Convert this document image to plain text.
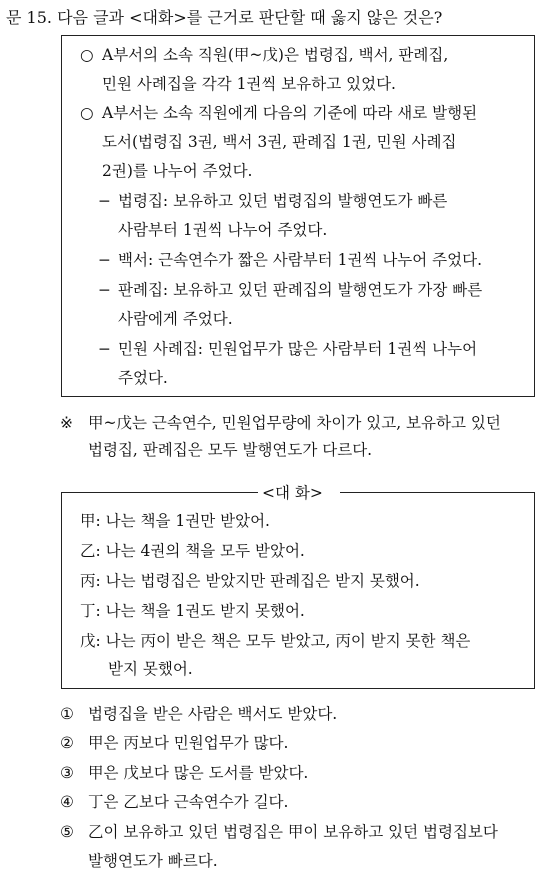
문 15. 다음 글과 <대화>를 근거로 판단할 때 옳지 않은 것은?
○ A부서의 소속 직원(甲~戊)은 법령집, 백서, 판례집,
민원 사례집을 각각 1권씩 보유하고 있었다.
○ A부서는 소속 직원에게 다음의 기준에 따라 새로 발행된
도서(법령집 3권, 백서 3권, 판례집 1권, 민원 사례집
2권)를 나누어 주었다.
− 법령집: 보유하고 있던 법령집의 발행연도가 빠른
사람부터 1권씩 나누어 주었다.
− 백서: 근속연수가 짧은 사람부터 1권씩 나누어 주었다.
− 판례집: 보유하고 있던 판례집의 발행연도가 가장 빠른
사람에게 주었다.
− 민원 사례집: 민원업무가 많은 사람부터 1권씩 나누어
주었다.
※ 甲~戊는 근속연수, 민원업무량에 차이가 있고, 보유하고 있던
법령집, 판례집은 모두 발행연도가 다르다.
<대 화>
甲: 나는 책을 1권만 받았어.
乙: 나는 4권의 책을 모두 받았어.
丙: 나는 법령집은 받았지만 판례집은 받지 못했어.
丁: 나는 책을 1권도 받지 못했어.
戊: 나는 丙이 받은 책은 모두 받았고, 丙이 받지 못한 책은
받지 못했어.
① 법령집을 받은 사람은 백서도 받았다.
② 甲은 丙보다 민원업무가 많다.
③ 甲은 戊보다 많은 도서를 받았다.
④ 丁은 乙보다 근속연수가 길다.
⑤ 乙이 보유하고 있던 법령집은 甲이 보유하고 있던 법령집보다
발행연도가 빠르다.
